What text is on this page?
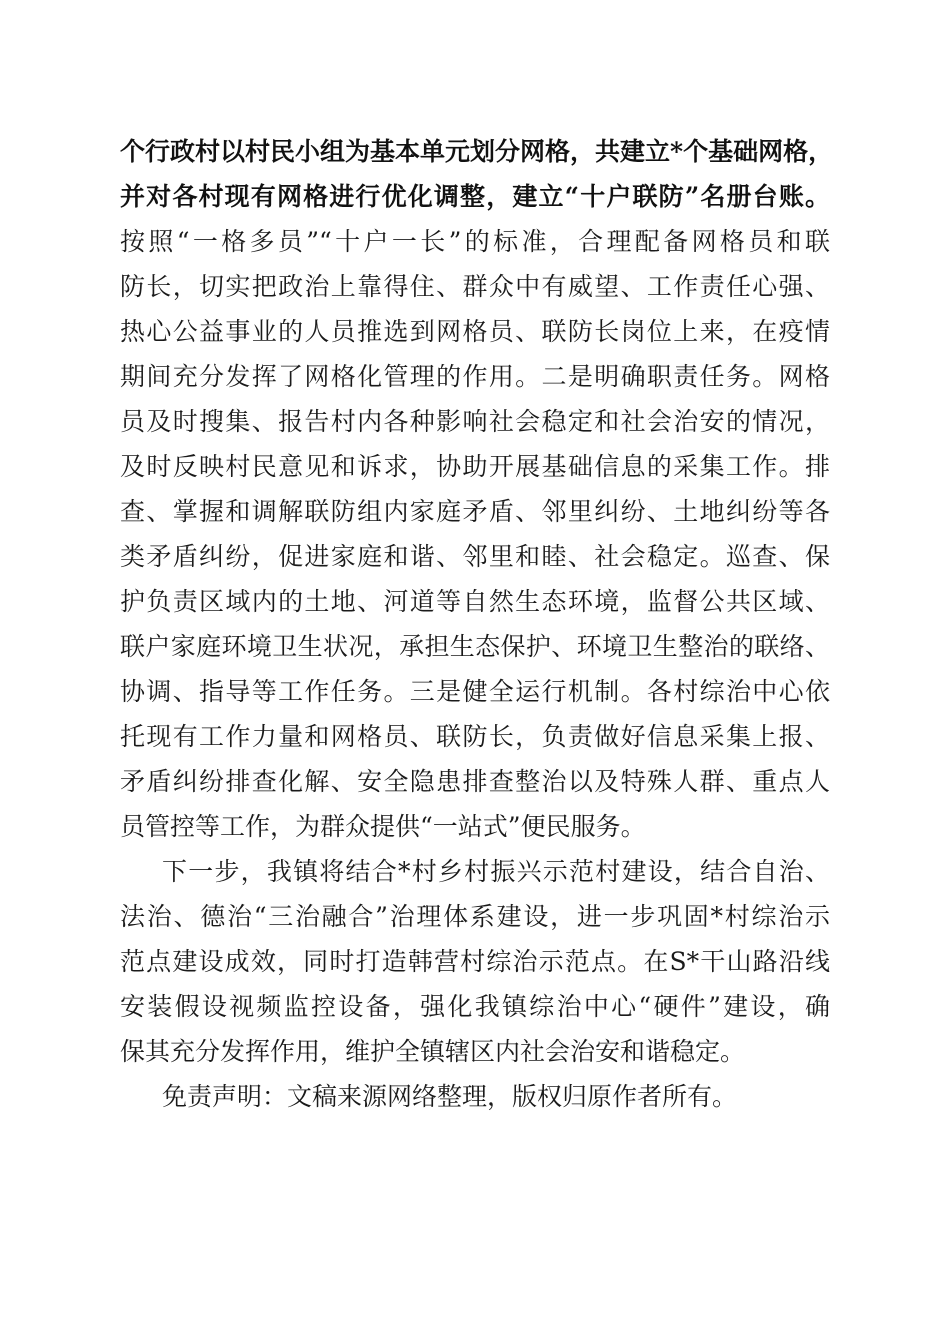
个行政村以村民小组为基本单元划分网格，共建立*个基础网格，
并对各村现有网格进行优化调整，建立“十户联防”名册台账。
按照“一格多员”“十户一长”的标准，合理配备网格员和联
防长，切实把政治上靠得住、群众中有威望、工作责任心强、
热心公益事业的人员推选到网格员、联防长岗位上来，在疫情
期间充分发挥了网格化管理的作用。二是明确职责任务。网格
员及时搜集、报告村内各种影响社会稳定和社会治安的情况，
及时反映村民意见和诉求，协助开展基础信息的采集工作。排
查、掌握和调解联防组内家庭矛盾、邻里纠纷、土地纠纷等各
类矛盾纠纷，促进家庭和谐、邻里和睦、社会稳定。巡查、保
护负责区域内的土地、河道等自然生态环境，监督公共区域、
联户家庭环境卫生状况，承担生态保护、环境卫生整治的联络、
协调、指导等工作任务。三是健全运行机制。各村综治中心依
托现有工作力量和网格员、联防长，负责做好信息采集上报、
矛盾纠纷排查化解、安全隐患排查整治以及特殊人群、重点人
员管控等工作，为群众提供“一站式”便民服务。
下一步，我镇将结合*村乡村振兴示范村建设，结合自治、
法治、德治“三治融合”治理体系建设，进一步巩固*村综治示
范点建设成效，同时打造韩营村综治示范点。在S*干山路沿线
安装假设视频监控设备，强化我镇综治中心“硬件”建设，确
保其充分发挥作用，维护全镇辖区内社会治安和谐稳定。
免责声明：文稿来源网络整理，版权归原作者所有。
